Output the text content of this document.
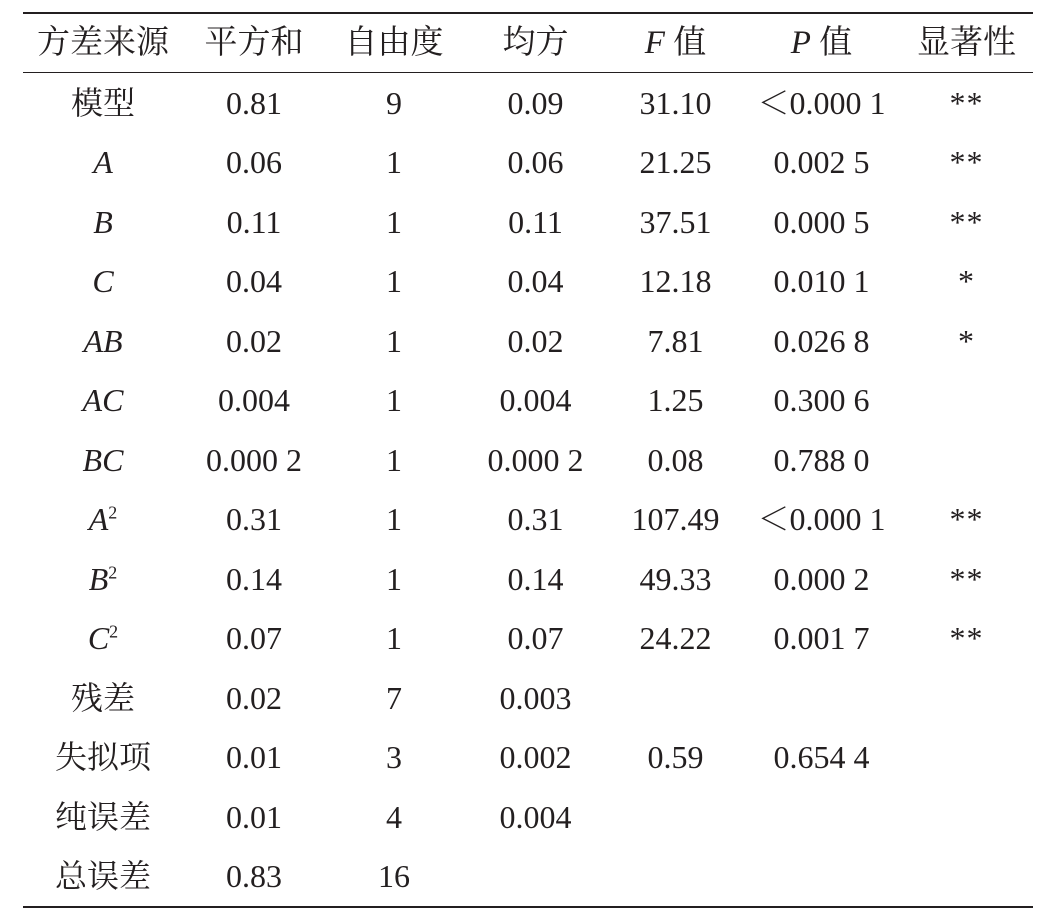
方差来源	平方和	自由度	均方	F 值	P 值	显著性
模型	0.81	9	0.09	31.10	＜0.000 1	**
A	0.06	1	0.06	21.25	0.002 5	**
B	0.11	1	0.11	37.51	0.000 5	**
C	0.04	1	0.04	12.18	0.010 1	*
AB	0.02	1	0.02	7.81	0.026 8	*
AC	0.004	1	0.004	1.25	0.300 6	
BC	0.000 2	1	0.000 2	0.08	0.788 0	
$A^2$	0.31	1	0.31	107.49	＜0.000 1	**
$B^2$	0.14	1	0.14	49.33	0.000 2	**
$C^2$	0.07	1	0.07	24.22	0.001 7	**
残差	0.02	7	0.003			
失拟项	0.01	3	0.002	0.59	0.654 4	
纯误差	0.01	4	0.004			
总误差	0.83	16				
